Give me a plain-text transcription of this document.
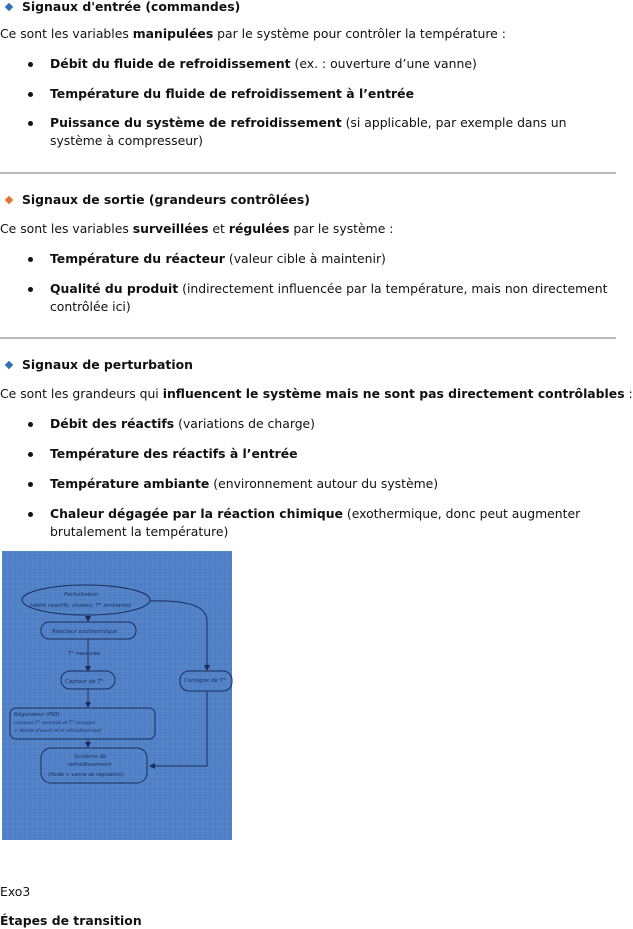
Signaux d'entrée (commandes)
Ce sont les variables manipulées par le système pour contrôler la température :
Débit du fluide de refroidissement (ex. : ouverture d’une vanne)
Température du fluide de refroidissement à l’entrée
Puissance du système de refroidissement (si applicable, par exemple dans un système à compresseur)
Signaux de sortie (grandeurs contrôlées)
Ce sont les variables surveillées et régulées par le système :
Température du réacteur (valeur cible à maintenir)
Qualité du produit (indirectement influencée par la température, mais non directement contrôlée ici)
Signaux de perturbation
Ce sont les grandeurs qui influencent le système mais ne sont pas directement contrôlables :
Débit des réactifs (variations de charge)
Température des réactifs à l’entrée
Température ambiante (environnement autour du système)
Chaleur dégagée par la réaction chimique (exothermique, donc peut augmenter brutalement la température)
Perturbation
(débit réactifs, chaleur, T° ambiante)
Réacteur exothermique
T° mesurée
Capteur de T°	Consigne de T°
Régulateur (PID)
compare T° mesurée et T° consigne
+ décide d'ouvrir et le refroidissement
Système de
refroidissement
(fluide + vanne de régulation)
Exo3
Étapes de transition
